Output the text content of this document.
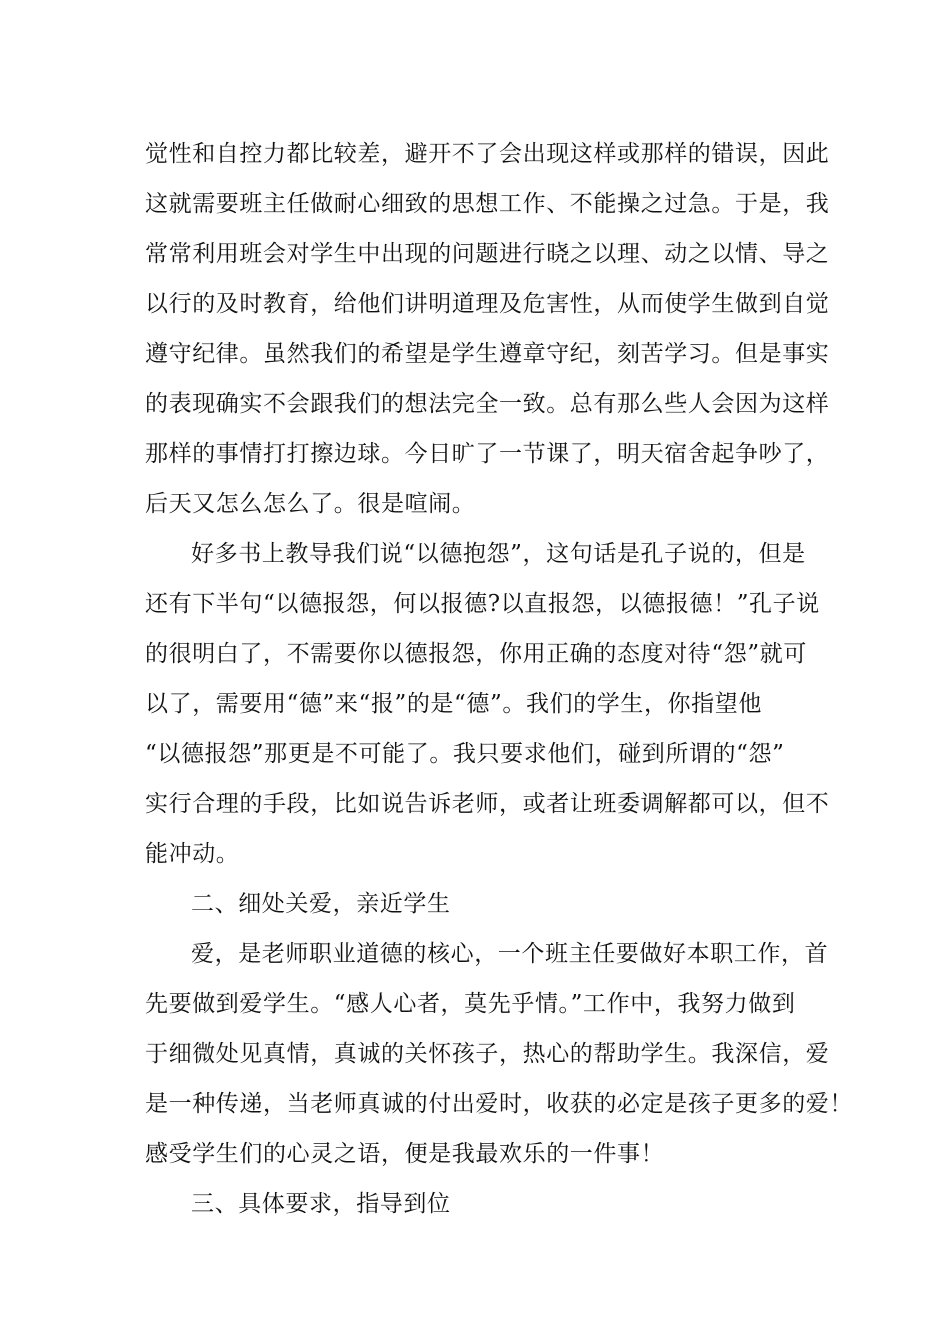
觉性和自控力都比较差，避开不了会出现这样或那样的错误，因此
这就需要班主任做耐心细致的思想工作、不能操之过急。于是，我
常常利用班会对学生中出现的问题进行晓之以理、动之以情、导之
以行的及时教育，给他们讲明道理及危害性，从而使学生做到自觉
遵守纪律。虽然我们的希望是学生遵章守纪，刻苦学习。但是事实
的表现确实不会跟我们的想法完全一致。总有那么些人会因为这样
那样的事情打打擦边球。今日旷了一节课了，明天宿舍起争吵了，
后天又怎么怎么了。很是喧闹。
好多书上教导我们说“以德抱怨”，这句话是孔子说的，但是
还有下半句“以德报怨，何以报德?以直报怨，以德报德！”孔子说
的很明白了，不需要你以德报怨，你用正确的态度对待“怨”就可
以了，需要用“德”来“报”的是“德”。我们的学生，你指望他
“以德报怨”那更是不可能了。我只要求他们，碰到所谓的“怨”
实行合理的手段，比如说告诉老师，或者让班委调解都可以，但不
能冲动。
二、细处关爱，亲近学生
爱，是老师职业道德的核心，一个班主任要做好本职工作，首
先要做到爱学生。“感人心者，莫先乎情。”工作中，我努力做到
于细微处见真情，真诚的关怀孩子，热心的帮助学生。我深信，爱
是一种传递，当老师真诚的付出爱时，收获的必定是孩子更多的爱！
感受学生们的心灵之语，便是我最欢乐的一件事！
三、具体要求，指导到位
